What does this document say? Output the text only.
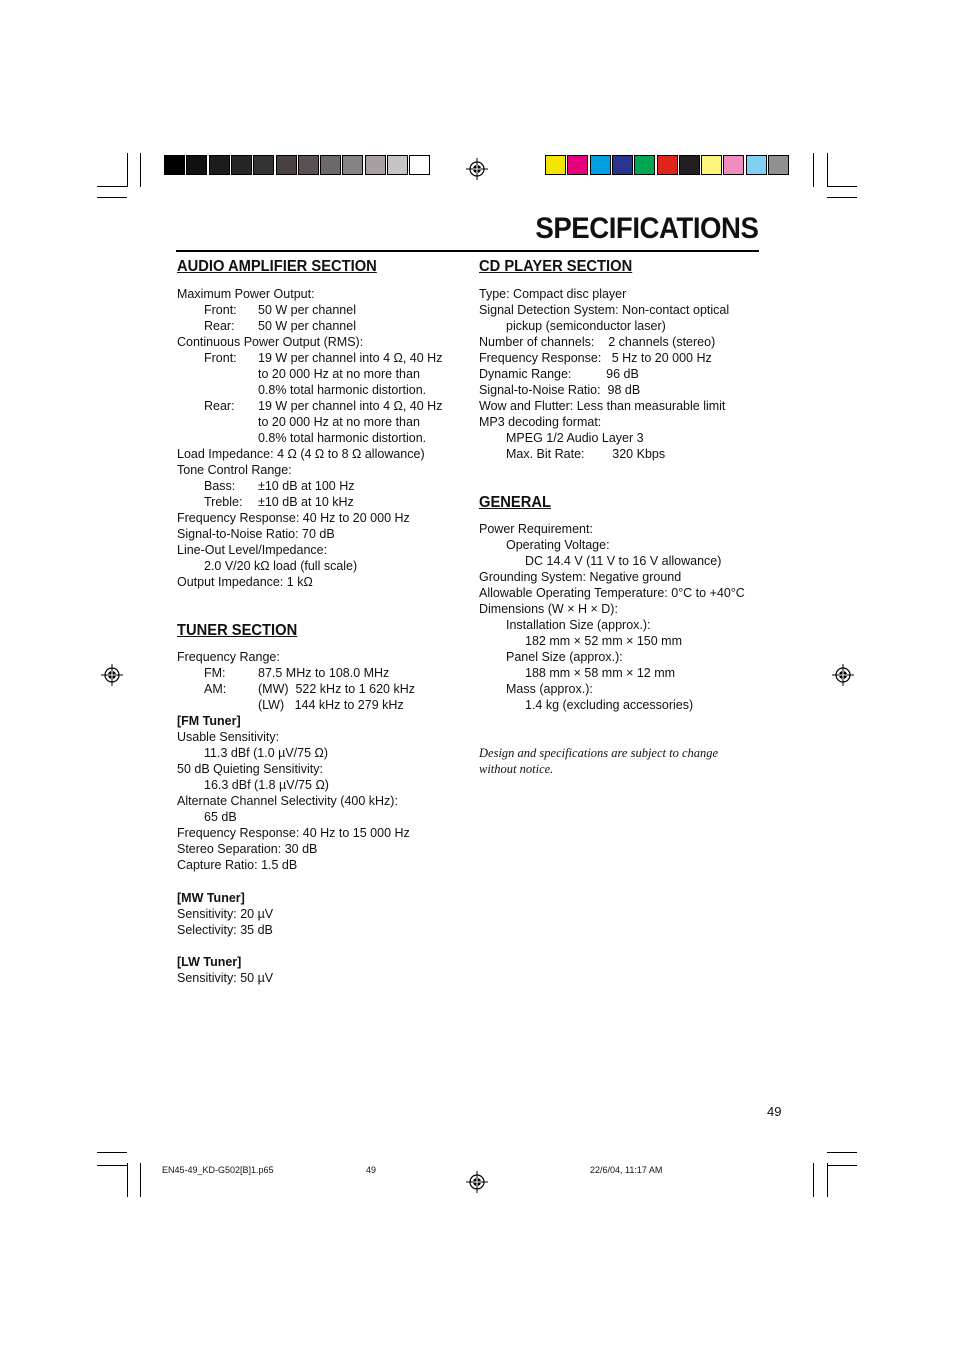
SPECIFICATIONS
AUDIO AMPLIFIER SECTION
Maximum Power Output:
Front: 50 W per channel
Rear: 50 W per channel
Continuous Power Output (RMS):
Front: 19 W per channel into 4 Ω, 40 Hz
to 20 000 Hz at no more than
0.8% total harmonic distortion.
Rear: 19 W per channel into 4 Ω, 40 Hz
to 20 000 Hz at no more than
0.8% total harmonic distortion.
Load Impedance: 4 Ω (4 Ω to 8 Ω allowance)
Tone Control Range:
Bass: ±10 dB at 100 Hz
Treble: ±10 dB at 10 kHz
Frequency Response: 40 Hz to 20 000 Hz
Signal-to-Noise Ratio: 70 dB
Line-Out Level/Impedance:
2.0 V/20 kΩ load (full scale)
Output Impedance: 1 kΩ
TUNER SECTION
Frequency Range:
FM:	87.5 MHz to 108.0 MHz
AM:	(MW)  522 kHz to 1 620 kHz
(LW)   144 kHz to 279 kHz
[FM Tuner]
Usable Sensitivity:
11.3 dBf (1.0 µV/75 Ω)
50 dB Quieting Sensitivity:
16.3 dBf (1.8 µV/75 Ω)
Alternate Channel Selectivity (400 kHz):
65 dB
Frequency Response: 40 Hz to 15 000 Hz
Stereo Separation: 30 dB
Capture Ratio: 1.5 dB
[MW Tuner]
Sensitivity: 20 µV
Selectivity: 35 dB
[LW Tuner]
Sensitivity: 50 µV
CD PLAYER SECTION
Type: Compact disc player
Signal Detection System: Non-contact optical
pickup (semiconductor laser)
Number of channels:    2 channels (stereo)
Frequency Response:   5 Hz to 20 000 Hz
Dynamic Range:          96 dB
Signal-to-Noise Ratio:  98 dB
Wow and Flutter: Less than measurable limit
MP3 decoding format:
MPEG 1/2 Audio Layer 3
Max. Bit Rate:        320 Kbps
GENERAL
Power Requirement:
Operating Voltage:
DC 14.4 V (11 V to 16 V allowance)
Grounding System: Negative ground
Allowable Operating Temperature: 0°C to +40°C
Dimensions (W × H × D):
Installation Size (approx.):
182 mm × 52 mm × 150 mm
Panel Size (approx.):
188 mm × 58 mm × 12 mm
Mass (approx.):
1.4 kg (excluding accessories)
Design and specifications are subject to change
without notice.
49
EN45-49_KD-G502[B]1.p65	49	22/6/04, 11:17 AM
